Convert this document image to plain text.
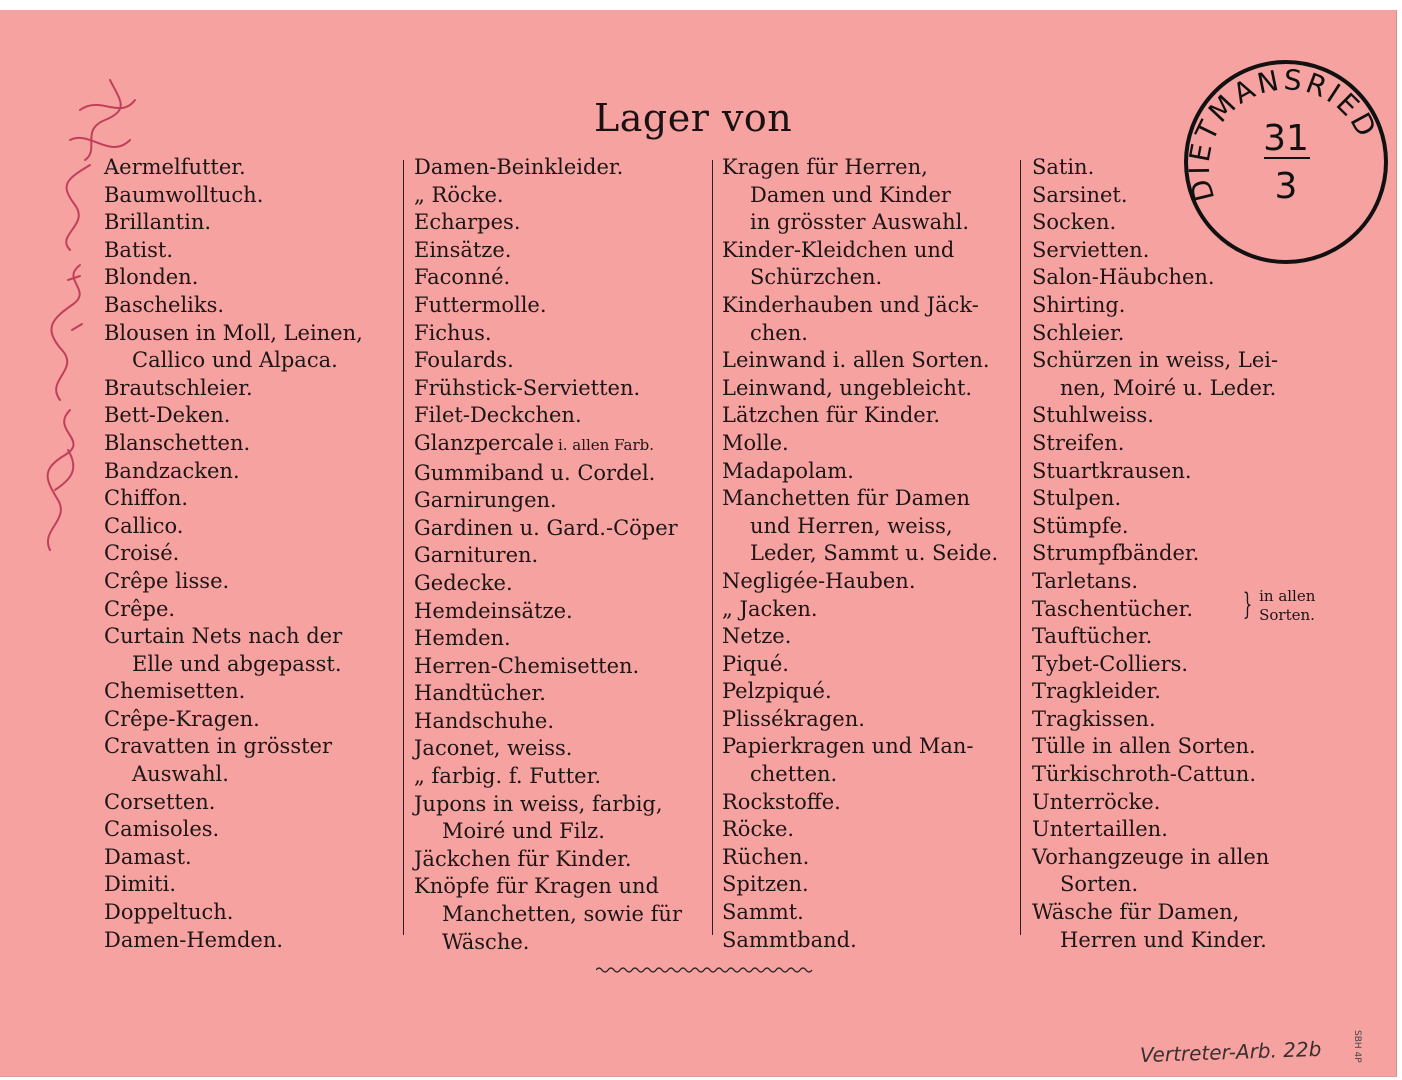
Lager von
Aermelfutter.
Baumwolltuch.
Brillantin.
Batist.
Blonden.
Bascheliks.
Blousen in Moll, Leinen,
Callico und Alpaca.
Brautschleier.
Bett-Deken.
Blanschetten.
Bandzacken.
Chiffon.
Callico.
Croisé.
Crêpe lisse.
Crêpe.
Curtain Nets nach der
Elle und abgepasst.
Chemisetten.
Crêpe-Kragen.
Cravatten in grösster
Auswahl.
Corsetten.
Camisoles.
Damast.
Dimiti.
Doppeltuch.
Damen-Hemden.
Damen-Beinkleider.
„ Röcke.
Echarpes.
Einsätze.
Faconné.
Futtermolle.
Fichus.
Foulards.
Frühstick-Servietten.
Filet-Deckchen.
Glanzpercale i. allen Farb.
Gummiband u. Cordel.
Garnirungen.
Gardinen u. Gard.-Cöper
Garnituren.
Gedecke.
Hemdeinsätze.
Hemden.
Herren-Chemisetten.
Handtücher.
Handschuhe.
Jaconet, weiss.
„ farbig. f. Futter.
Jupons in weiss, farbig,
Moiré und Filz.
Jäckchen für Kinder.
Knöpfe für Kragen und
Manchetten, sowie für
Wäsche.
Kragen für Herren,
Damen und Kinder
in grösster Auswahl.
Kinder-Kleidchen und
Schürzchen.
Kinderhauben und Jäck-
chen.
Leinwand i. allen Sorten.
Leinwand, ungebleicht.
Lätzchen für Kinder.
Molle.
Madapolam.
Manchetten für Damen
und Herren, weiss,
Leder, Sammt u. Seide.
Negligée-Hauben.
„ Jacken.
Netze.
Piqué.
Pelzpiqué.
Plissékragen.
Papierkragen und Man-
chetten.
Rockstoffe.
Röcke.
Rüchen.
Spitzen.
Sammt.
Sammtband.
Satin.
Sarsinet.
Socken.
Servietten.
Salon-Häubchen.
Shirting.
Schleier.
Schürzen in weiss, Lei-
nen, Moiré u. Leder.
Stuhlweiss.
Streifen.
Stuartkrausen.
Stulpen.
Stümpfe.
Strumpfbänder.
Tarletans.
Taschentücher.
Tauftücher.
Tybet-Colliers.
Tragkleider.
Tragkissen.
Tülle in allen Sorten.
Türkischroth-Cattun.
Unterröcke.
Untertaillen.
Vorhangzeuge in allen
Sorten.
Wäsche für Damen,
Herren und Kinder.
} in allen
Sorten.
DIETMANSRIED
31
3
Vertreter-Arb. 22b	SBH 4P
